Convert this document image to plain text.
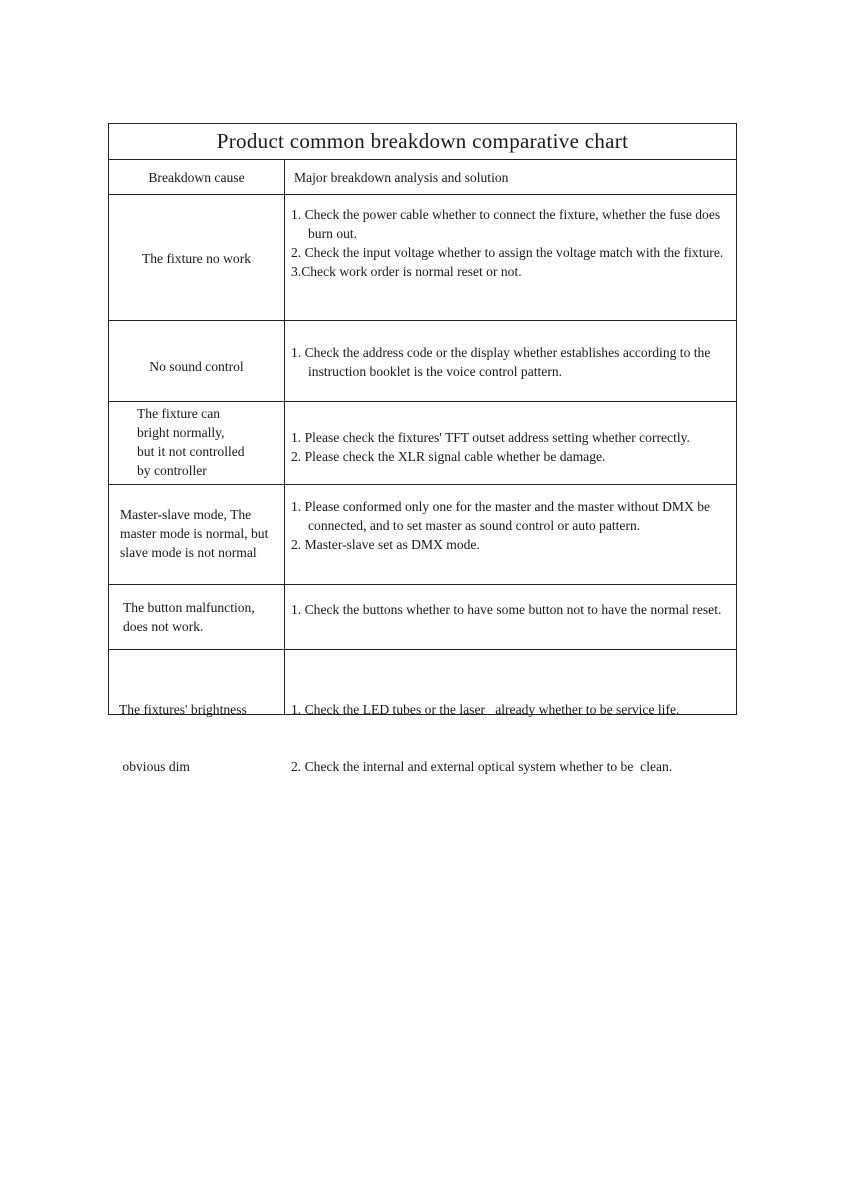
Product common breakdown comparative chart
Breakdown cause	Major breakdown analysis and solution
The fixture no work
1. Check the power cable whether to connect the fixture, whether the fuse does burn out.
2. Check the input voltage whether to assign the voltage match with the fixture.
3.Check work order is normal reset or not.
No sound control
1. Check the address code or the display whether establishes according to the instruction booklet is the voice control pattern.
The fixture can
bright normally,
but it not controlled
by controller
1. Please check the fixtures' TFT outset address setting whether correctly.
2. Please check the XLR signal cable whether be damage.
Master-slave mode, The
master mode is normal, but
slave mode is not normal
1. Please conformed only one for the master and the master without DMX be connected, and to set master as sound control or auto pattern.
2. Master-slave set as DMX mode.
The button malfunction,
does not work.
1. Check the buttons whether to have some button not to have the normal reset.

The fixtures' brightness

obvious dim

1. Check the LED tubes or the laser   already whether to be service life.

2. Check the internal and external optical system whether to be  clean.
